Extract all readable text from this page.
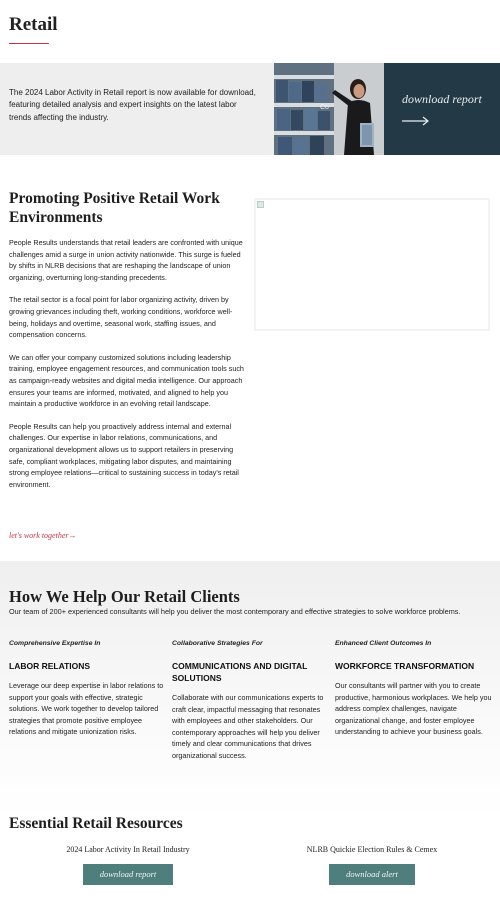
Retail

The 2024 Labor Activity in Retail report is now available for download, featuring detailed analysis and expert insights on the latest labor trends affecting the industry.

Co
download report
Promoting Positive Retail Work Environments

People Results understands that retail leaders are confronted with unique challenges amid a surge in union activity nationwide. This surge is fueled by shifts in NLRB decisions that are reshaping the landscape of union organizing, overturning long-standing precedents.

The retail sector is a focal point for labor organizing activity, driven by growing grievances including theft, working conditions, workforce well-being, holidays and overtime, seasonal work, staffing issues, and compensation concerns.

We can offer your company customized solutions including leadership training, employee engagement resources, and communication tools such as campaign-ready websites and digital media intelligence. Our approach ensures your teams are informed, motivated, and aligned to help you maintain a productive workforce in an evolving retail landscape.

People Results can help you proactively address internal and external challenges. Our expertise in labor relations, communications, and organizational development allows us to support retailers in preserving safe, compliant workplaces, mitigating labor disputes, and maintaining strong employee relations—critical to sustaining success in today's retail environment.

let's work together→
How We Help Our Retail Clients

Our team of 200+ experienced consultants will help you deliver the most contemporary and effective strategies to solve workforce problems.

Comprehensive Expertise In
LABOR RELATIONS
Leverage our deep expertise in labor relations to support your goals with effective, strategic solutions. We work together to develop tailored strategies that promote positive employee relations and mitigate unionization risks.
Collaborative Strategies For
COMMUNICATIONS AND DIGITAL SOLUTIONS
Collaborate with our communications experts to craft clear, impactful messaging that resonates with employees and other stakeholders. Our contemporary approaches will help you deliver timely and clear communications that drives organizational success.
Enhanced Client Outcomes In
WORKFORCE TRANSFORMATION
Our consultants will partner with you to create productive, harmonious workplaces. We help you address complex challenges, navigate organizational change, and foster employee understanding to achieve your business goals.
Essential Retail Resources
2024 Labor Activity In Retail Industry
download report
NLRB Quickie Election Rules & Cemex
download alert
